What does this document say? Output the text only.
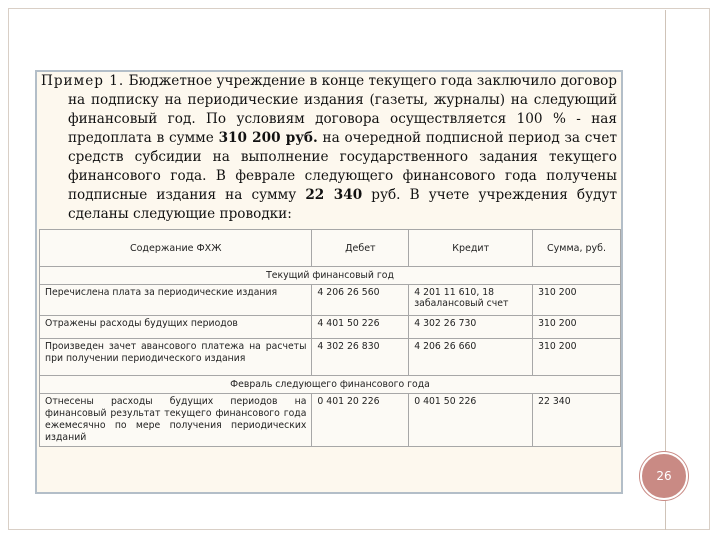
Пример 1. Бюджетное учреждение в конце текущего года заключило договор на подписку на периодические издания (газеты, журналы) на следующий финансовый год. По условиям договора осуществляется 100 % - ная предоплата в сумме 310 200 руб. на очередной подписной период за счет средств субсидии на выполнение государственного задания текущего финансового года. В феврале следующего финансового года получены подписные издания на сумму 22 340 руб. В учете учреждения будут сделаны следующие проводки:

Содержание ФХЖ	Дебет	Кредит	Сумма, руб.
Текущий финансовый год			
Перечислена плата за периодические издания	4 206 26 560	4 201 11 610, 18 забалансовый счет	310 200
Отражены расходы будущих периодов	4 401 50 226	4 302 26 730	310 200
Произведен зачет авансового платежа на расчеты при получении периодического издания	4 302 26 830	4 206 26 660	310 200
Февраль следующего финансового года			
Отнесены расходы будущих периодов на финансовый результат текущего финансового года ежемесячно по мере получения периодических изданий	0 401 20 226	0 401 50 226	22 340
26
